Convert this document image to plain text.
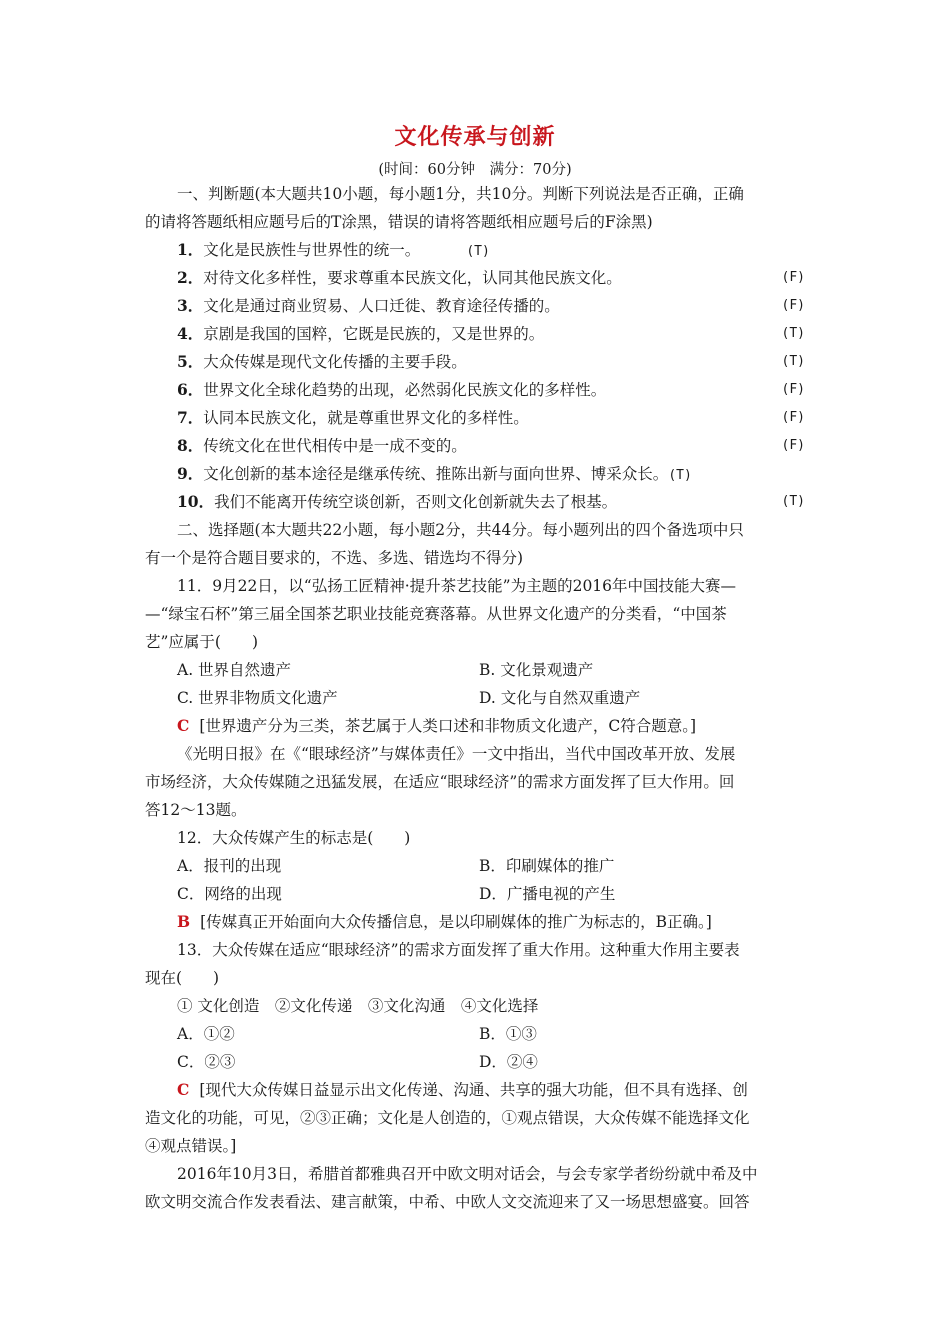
文化传承与创新
(时间：60分钟　满分：70分)
一、判断题(本大题共10小题，每小题1分，共10分。判断下列说法是否正确，正确
的请将答题纸相应题号后的T涂黑，错误的请将答题纸相应题号后的F涂黑)
1．文化是民族性与世界性的统一。	(T)
2．对待文化多样性，要求尊重本民族文化，认同其他民族文化。	(F)
3．文化是通过商业贸易、人口迁徙、教育途径传播的。	(F)
4．京剧是我国的国粹，它既是民族的，又是世界的。	(T)
5．大众传媒是现代文化传播的主要手段。	(T)
6．世界文化全球化趋势的出现，必然弱化民族文化的多样性。	(F)
7．认同本民族文化，就是尊重世界文化的多样性。	(F)
8．传统文化在世代相传中是一成不变的。	(F)
9．文化创新的基本途径是继承传统、推陈出新与面向世界、博采众长。(T)
10．我们不能离开传统空谈创新，否则文化创新就失去了根基。	(T)
二、选择题(本大题共22小题，每小题2分，共44分。每小题列出的四个备选项中只
有一个是符合题目要求的，不选、多选、错选均不得分)
11．9月22日，以“弘扬工匠精神·提升茶艺技能”为主题的2016年中国技能大赛—
—“绿宝石杯”第三届全国茶艺职业技能竞赛落幕。从世界文化遗产的分类看，“中国茶
艺”应属于(　　)
A. 世界自然遗产	B. 文化景观遗产
C. 世界非物质文化遗产	D. 文化与自然双重遗产
C [世界遗产分为三类，茶艺属于人类口述和非物质文化遗产，C符合题意。]
《光明日报》在《“眼球经济”与媒体责任》一文中指出，当代中国改革开放、发展
市场经济，大众传媒随之迅猛发展，在适应“眼球经济”的需求方面发挥了巨大作用。回
答12～13题。
12．大众传媒产生的标志是(　　)
A．报刊的出现	B．印刷媒体的推广
C．网络的出现	D．广播电视的产生
B [传媒真正开始面向大众传播信息，是以印刷媒体的推广为标志的，B正确。]
13．大众传媒在适应“眼球经济”的需求方面发挥了重大作用。这种重大作用主要表
现在(　　)
① 文化创造　②文化传递　③文化沟通　④文化选择
A．①②	B．①③
C．②③	D．②④
C [现代大众传媒日益显示出文化传递、沟通、共享的强大功能，但不具有选择、创
造文化的功能，可见，②③正确；文化是人创造的，①观点错误，大众传媒不能选择文化
④观点错误。]
2016年10月3日，希腊首都雅典召开中欧文明对话会，与会专家学者纷纷就中希及中
欧文明交流合作发表看法、建言献策，中希、中欧人文交流迎来了又一场思想盛宴。回答
